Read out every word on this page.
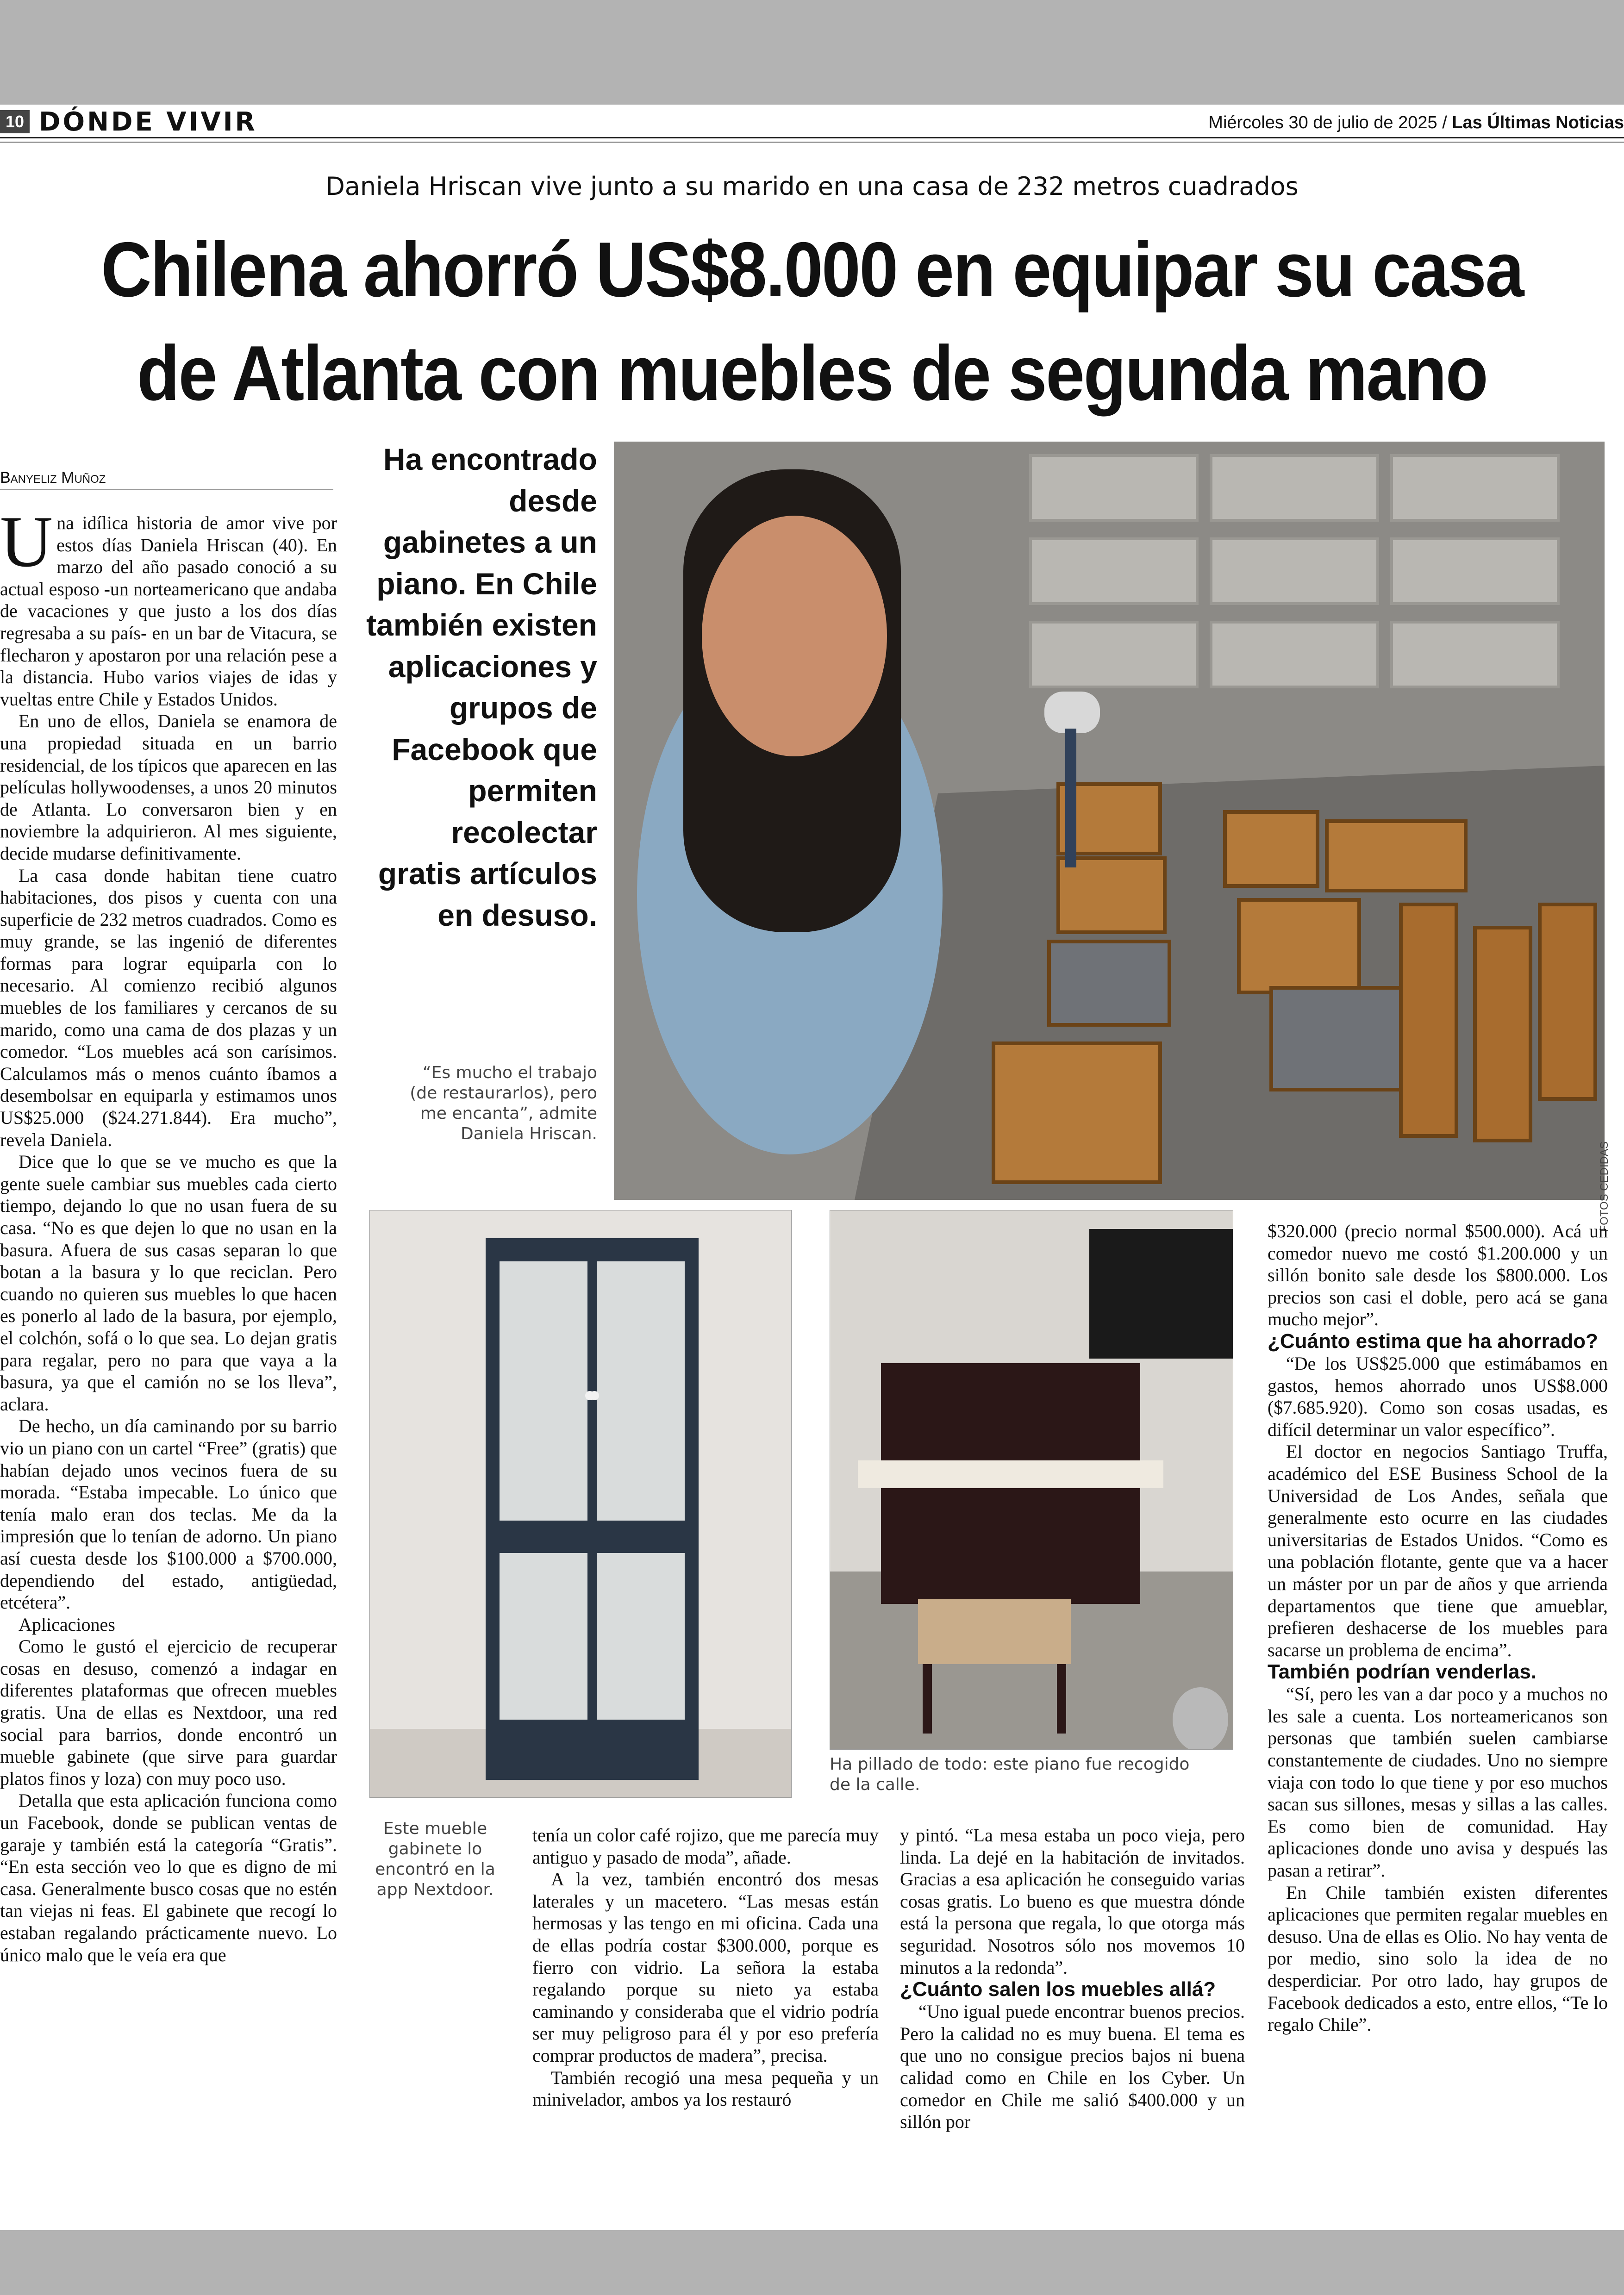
10 DÓNDE VIVIR	Miércoles 30 de julio de 2025 / Las Últimas Noticias
Daniela Hriscan vive junto a su marido en una casa de 232 metros cuadrados
Chilena ahorró US$8.000 en equipar su casa
de Atlanta con muebles de segunda mano
Banyeliz Muñoz

Una idílica historia de amor vive por estos días Daniela Hriscan (40). En marzo del año pasado conoció a su actual esposo -un norteamericano que andaba de vacaciones y que justo a los dos días regresaba a su país- en un bar de Vitacura, se flecharon y apostaron por una relación pese a la distancia. Hubo varios viajes de idas y vueltas entre Chile y Estados Unidos.

En uno de ellos, Daniela se enamora de una propiedad situada en un barrio residencial, de los típicos que aparecen en las películas hollywoodenses, a unos 20 minutos de Atlanta. Lo conversaron bien y en noviembre la adquirieron. Al mes siguiente, decide mudarse definitivamente.

La casa donde habitan tiene cuatro habitaciones, dos pisos y cuenta con una superficie de 232 metros cuadrados. Como es muy grande, se las ingenió de diferentes formas para lograr equiparla con lo necesario. Al comienzo recibió algunos muebles de los familiares y cercanos de su marido, como una cama de dos plazas y un comedor. “Los muebles acá son carísimos. Calculamos más o menos cuánto íbamos a desembolsar en equiparla y estimamos unos US$25.000 ($24.271.844). Era mucho”, revela Daniela.

Dice que lo que se ve mucho es que la gente suele cambiar sus muebles cada cierto tiempo, dejando lo que no usan fuera de su casa. “No es que dejen lo que no usan en la basura. Afuera de sus casas separan lo que botan a la basura y lo que reciclan. Pero cuando no quieren sus muebles lo que hacen es ponerlo al lado de la basura, por ejemplo, el colchón, sofá o lo que sea. Lo dejan gratis para regalar, pero no para que vaya a la basura, ya que el camión no se los lleva”, aclara.

De hecho, un día caminando por su barrio vio un piano con un cartel “Free” (gratis) que habían dejado unos vecinos fuera de su morada. “Estaba impecable. Lo único que tenía malo eran dos teclas. Me da la impresión que lo tenían de adorno. Un piano así cuesta desde los $100.000 a $700.000, dependiendo del estado, antigüedad, etcétera”.

Aplicaciones

Como le gustó el ejercicio de recuperar cosas en desuso, comenzó a indagar en diferentes plataformas que ofrecen muebles gratis. Una de ellas es Nextdoor, una red social para barrios, donde encontró un mueble gabinete (que sirve para guardar platos finos y loza) con muy poco uso.

Detalla que esta aplicación funciona como un Facebook, donde se publican ventas de garaje y también está la categoría “Gratis”. “En esta sección veo lo que es digno de mi casa. Generalmente busco cosas que no estén tan viejas ni feas. El gabinete que recogí lo estaban regalando prácticamente nuevo. Lo único malo que le veía era que

Ha encontrado desde gabinetes a un piano. En Chile también existen aplicaciones y grupos de Facebook que permiten recolectar gratis artículos en desuso.
“Es mucho el trabajo (de restaurarlos), pero me encanta”, admite Daniela Hriscan.
FOTOS CEDIDAS
Este mueble gabinete lo encontró en la app Nextdoor.
Ha pillado de todo: este piano fue recogido de la calle.

tenía un color café rojizo, que me parecía muy antiguo y pasado de moda”, añade.

A la vez, también encontró dos mesas laterales y un macetero. “Las mesas están hermosas y las tengo en mi oficina. Cada una de ellas podría costar $300.000, porque es fierro con vidrio. La señora la estaba regalando porque su nieto ya estaba caminando y consideraba que el vidrio podría ser muy peligroso para él y por eso prefería comprar productos de madera”, precisa.

También recogió una mesa pequeña y un minivelador, ambos ya los restauró

y pintó. “La mesa estaba un poco vieja, pero linda. La dejé en la habitación de invitados. Gracias a esa aplicación he conseguido varias cosas gratis. Lo bueno es que muestra dónde está la persona que regala, lo que otorga más seguridad. Nosotros sólo nos movemos 10 minutos a la redonda”.

¿Cuánto salen los muebles allá?

“Uno igual puede encontrar buenos precios. Pero la calidad no es muy buena. El tema es que uno no consigue precios bajos ni buena calidad como en Chile en los Cyber. Un comedor en Chile me salió $400.000 y un sillón por

$320.000 (precio normal $500.000). Acá un comedor nuevo me costó $1.200.000 y un sillón bonito sale desde los $800.000. Los precios son casi el doble, pero acá se gana mucho mejor”.

¿Cuánto estima que ha ahorrado?

“De los US$25.000 que estimábamos en gastos, hemos ahorrado unos US$8.000 ($7.685.920). Como son cosas usadas, es difícil determinar un valor específico”.

El doctor en negocios Santiago Truffa, académico del ESE Business School de la Universidad de Los Andes, señala que generalmente esto ocurre en las ciudades universitarias de Estados Unidos. “Como es una población flotante, gente que va a hacer un máster por un par de años y que arrienda departamentos que tiene que amueblar, prefieren deshacerse de los muebles para sacarse un problema de encima”.

También podrían venderlas.

“Sí, pero les van a dar poco y a muchos no les sale a cuenta. Los norteamericanos son personas que también suelen cambiarse constantemente de ciudades. Uno no siempre viaja con todo lo que tiene y por eso muchos sacan sus sillones, mesas y sillas a las calles. Es como bien de comunidad. Hay aplicaciones donde uno avisa y después las pasan a retirar”.

En Chile también existen diferentes aplicaciones que permiten regalar muebles en desuso. Una de ellas es Olio. No hay venta de por medio, sino solo la idea de no desperdiciar. Por otro lado, hay grupos de Facebook dedicados a esto, entre ellos, “Te lo regalo Chile”.
